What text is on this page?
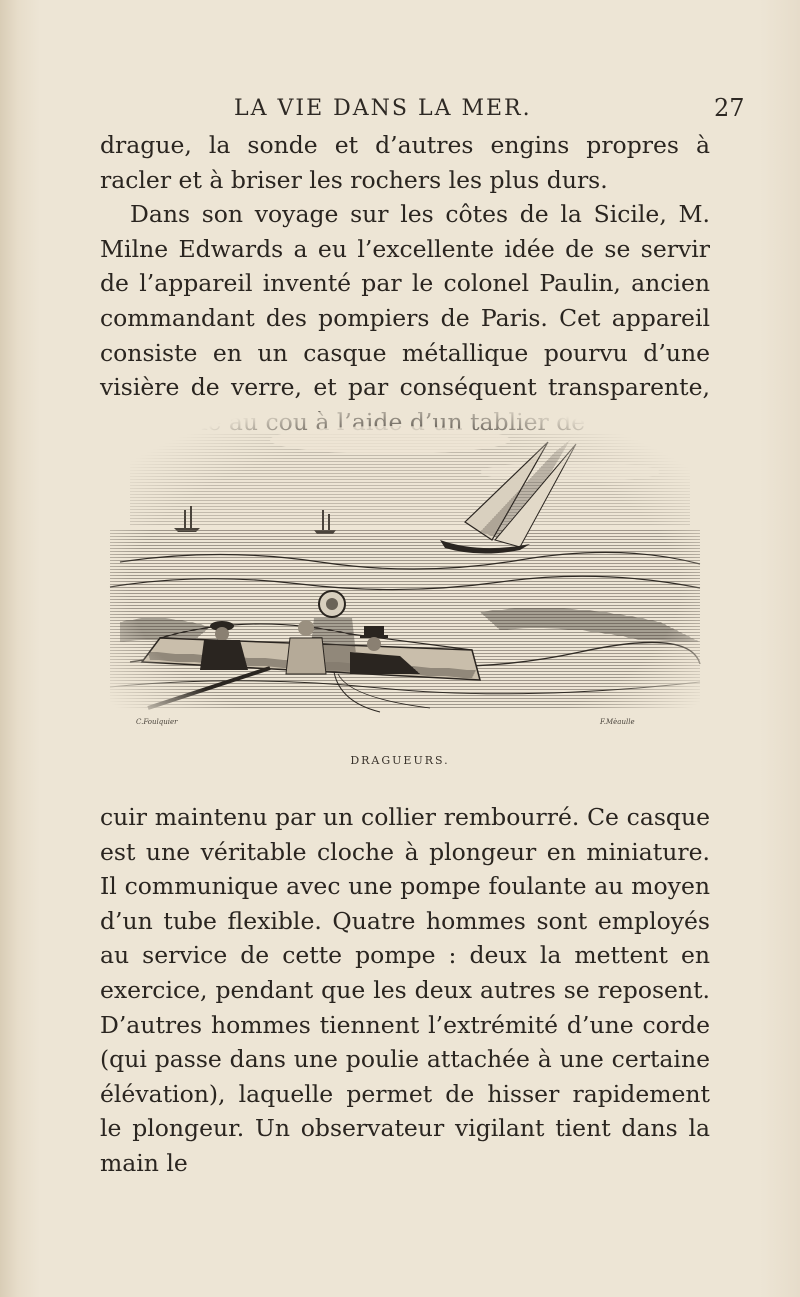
LA VIE DANS LA MER.	27

drague, la sonde et d’autres engins propres à racler et à briser les rochers les plus durs.

Dans son voyage sur les côtes de la Sicile, M. Milne Edwards a eu l’excellente idée de se servir de l’appareil inventé par le colonel Paulin, ancien commandant des pompiers de Paris. Cet appareil consiste en un casque métallique pourvu d’une visière de verre, et par conséquent transparente,

C.Foulquier	F.Mèaulle
DRAGUEURS.

cuir maintenu par un collier rembourré. Ce casque est une véritable cloche à plongeur en miniature. Il communique avec une pompe foulante au moyen d’un tube flexible. Quatre hommes sont employés au service de cette pompe : deux la mettent en exercice, pendant que les deux autres se reposent. D’autres hommes tiennent l’extrémité d’une corde (qui passe dans une poulie attachée à une certaine élévation), laquelle permet de hisser rapidement le plongeur. Un observateur vigilant tient dans la main le
